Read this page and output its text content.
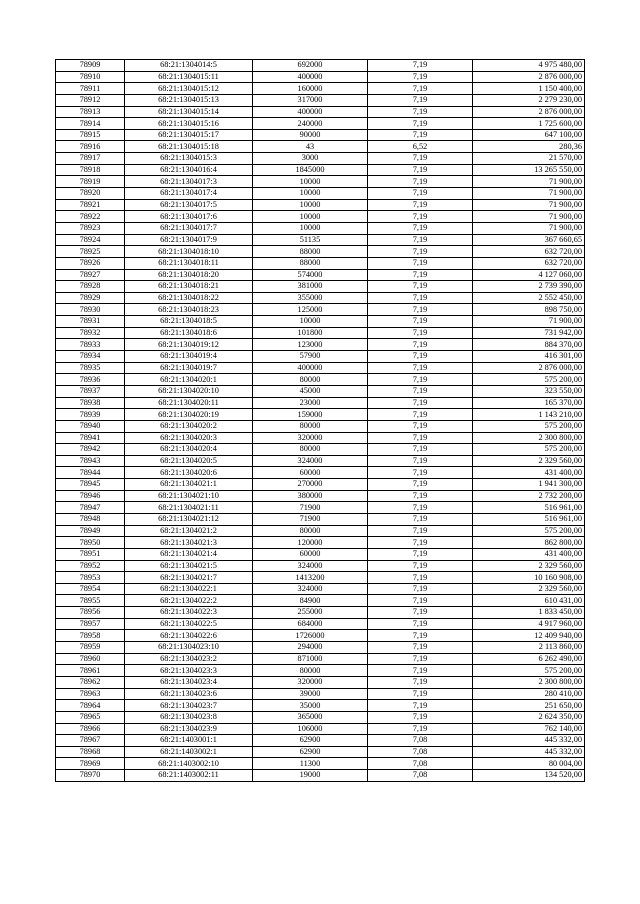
78909	68:21:1304014:5	692000	7,19	4 975 480,00
78910	68:21:1304015:11	400000	7,19	2 876 000,00
78911	68:21:1304015:12	160000	7,19	1 150 400,00
78912	68:21:1304015:13	317000	7,19	2 279 230,00
78913	68:21:1304015:14	400000	7,19	2 876 000,00
78914	68:21:1304015:16	240000	7,19	1 725 600,00
78915	68:21:1304015:17	90000	7,19	647 100,00
78916	68:21:1304015:18	43	6,52	280,36
78917	68:21:1304015:3	3000	7,19	21 570,00
78918	68:21:1304016:4	1845000	7,19	13 265 550,00
78919	68:21:1304017:3	10000	7,19	71 900,00
78920	68:21:1304017:4	10000	7,19	71 900,00
78921	68:21:1304017:5	10000	7,19	71 900,00
78922	68:21:1304017:6	10000	7,19	71 900,00
78923	68:21:1304017:7	10000	7,19	71 900,00
78924	68:21:1304017:9	51135	7,19	367 660,65
78925	68:21:1304018:10	88000	7,19	632 720,00
78926	68:21:1304018:11	88000	7,19	632 720,00
78927	68:21:1304018:20	574000	7,19	4 127 060,00
78928	68:21:1304018:21	381000	7,19	2 739 390,00
78929	68:21:1304018:22	355000	7,19	2 552 450,00
78930	68:21:1304018:23	125000	7,19	898 750,00
78931	68:21:1304018:5	10000	7,19	71 900,00
78932	68:21:1304018:6	101800	7,19	731 942,00
78933	68:21:1304019:12	123000	7,19	884 370,00
78934	68:21:1304019:4	57900	7,19	416 301,00
78935	68:21:1304019:7	400000	7,19	2 876 000,00
78936	68:21:1304020:1	80000	7,19	575 200,00
78937	68:21:1304020:10	45000	7,19	323 550,00
78938	68:21:1304020:11	23000	7,19	165 370,00
78939	68:21:1304020:19	159000	7,19	1 143 210,00
78940	68:21:1304020:2	80000	7,19	575 200,00
78941	68:21:1304020:3	320000	7,19	2 300 800,00
78942	68:21:1304020:4	80000	7,19	575 200,00
78943	68:21:1304020:5	324000	7,19	2 329 560,00
78944	68:21:1304020:6	60000	7,19	431 400,00
78945	68:21:1304021:1	270000	7,19	1 941 300,00
78946	68:21:1304021:10	380000	7,19	2 732 200,00
78947	68:21:1304021:11	71900	7,19	516 961,00
78948	68:21:1304021:12	71900	7,19	516 961,00
78949	68:21:1304021:2	80000	7,19	575 200,00
78950	68:21:1304021:3	120000	7,19	862 800,00
78951	68:21:1304021:4	60000	7,19	431 400,00
78952	68:21:1304021:5	324000	7,19	2 329 560,00
78953	68:21:1304021:7	1413200	7,19	10 160 908,00
78954	68:21:1304022:1	324000	7,19	2 329 560,00
78955	68:21:1304022:2	84900	7,19	610 431,00
78956	68:21:1304022:3	255000	7,19	1 833 450,00
78957	68:21:1304022:5	684000	7,19	4 917 960,00
78958	68:21:1304022:6	1726000	7,19	12 409 940,00
78959	68:21:1304023:10	294000	7,19	2 113 860,00
78960	68:21:1304023:2	871000	7,19	6 262 490,00
78961	68:21:1304023:3	80000	7,19	575 200,00
78962	68:21:1304023:4	320000	7,19	2 300 800,00
78963	68:21:1304023:6	39000	7,19	280 410,00
78964	68:21:1304023:7	35000	7,19	251 650,00
78965	68:21:1304023:8	365000	7,19	2 624 350,00
78966	68:21:1304023:9	106000	7,19	762 140,00
78967	68:21:1403001:1	62900	7,08	445 332,00
78968	68:21:1403002:1	62900	7,08	445 332,00
78969	68:21:1403002:10	11300	7,08	80 004,00
78970	68:21:1403002:11	19000	7,08	134 520,00
